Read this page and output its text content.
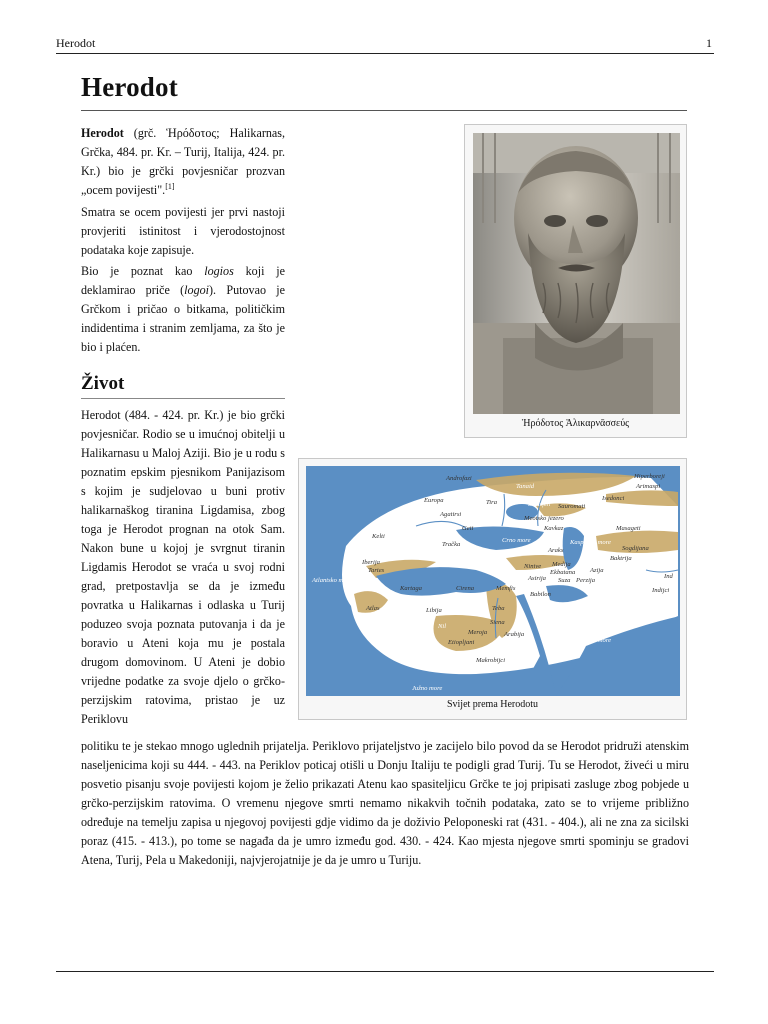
Herodot	1
Herodot

Herodot (grč. Ἡρόδοτος; Halikarnas, Grčka, 484. pr. Kr. – Turij, Italija, 424. pr. Kr.) bio je grčki povjesničar prozvan „ocem povijesti".[1]

Smatra se ocem povijesti jer prvi nastoji provjeriti istinitost i vjerodostojnost podataka koje zapisuje.

Bio je poznat kao logios koji je deklamirao priče (logoi). Putovao je Grčkom i pričao o bitkama, političkim indidentima i stranim zemljama, za što je bio i plaćen.

Život

Herodot (484. - 424. pr. Kr.) je bio grčki povjesničar. Rodio se u imućnoj obitelji u Halikarnasu u Maloj Aziji. Bio je u rodu s poznatim epskim pjesnikom Panijazisom s kojim je sudjelovao u buni protiv halikarnaškog tiranina Ligdamisa, zbog toga je Herodot prognan na otok Sam. Nakon bune u kojoj je svrgnut tiranin Ligdamis Herodot se vraća u svoj rodni grad, pretpostavlja se da je između povratka u Halikarnas i odlaska u Turij poduzeo svoja poznata putovanja i da je boravio u Ateni koja mu je postala drugom domovinom. U Ateni je dobio vrijedne podatke za svoje djelo o grčko-perzijskim ratovima, pristao je uz Periklovu

politiku te je stekao mnogo uglednih prijatelja. Periklovo prijateljstvo je zacijelo bilo povod da se Herodot pridruži atenskim naseljenicima koji su 444. - 443. na Periklov poticaj otišli u Donju Italiju te podigli grad Turij. Tu se Herodot, živeći u miru posvetio pisanju svoje povijesti kojom je želio prikazati Atenu kao spasiteljicu Grčke te joj pripisati zasluge zbog pobjede u grčko-perzijskim ratovima. O vremenu njegove smrti nemamo nikakvih točnih podataka, zato se to vrijeme približno određuje na temelju zapisa u njegovoj povijesti gdje vidimo da je doživio Peloponeski rat (431. - 404.), ali ne zna za sicilski poraz (415. - 413.), po tome se nagađa da je umro između god. 430. - 424. Kao mjesta njegove smrti spominju se gradovi Atena, Turij, Pela u Makedoniji, najvjerojatnije je da je umro u Turiju.

Ἡρόδοτος Ἁλικαρνᾱσσεύς
Androfazi	Hiperboreji
Arimaspi
Tanaid
Isedonci
Sauromati
Europa	Tira
Istar
Agatirsi
Borisfen
Meotsko jezero
Kelti
Geti	Kavkaz
Kaspijsko more
Masageti
Tračka
Crno more
Araks	Sogdijana
Baktrija
Iberija
Tartes
Ninive Medija
Ekbatana Azija
Asirija Suza Perzija
Ind
Indijci
Atlantsko more
Kartaga	Cirena	Memfis
Babilon
Atlas	Libija	Teba
Siena
Nil
Meroja	Arabija
Etiopljani	Eritrejsko more
Makrobijci
Južno more
Svijet prema Herodotu
